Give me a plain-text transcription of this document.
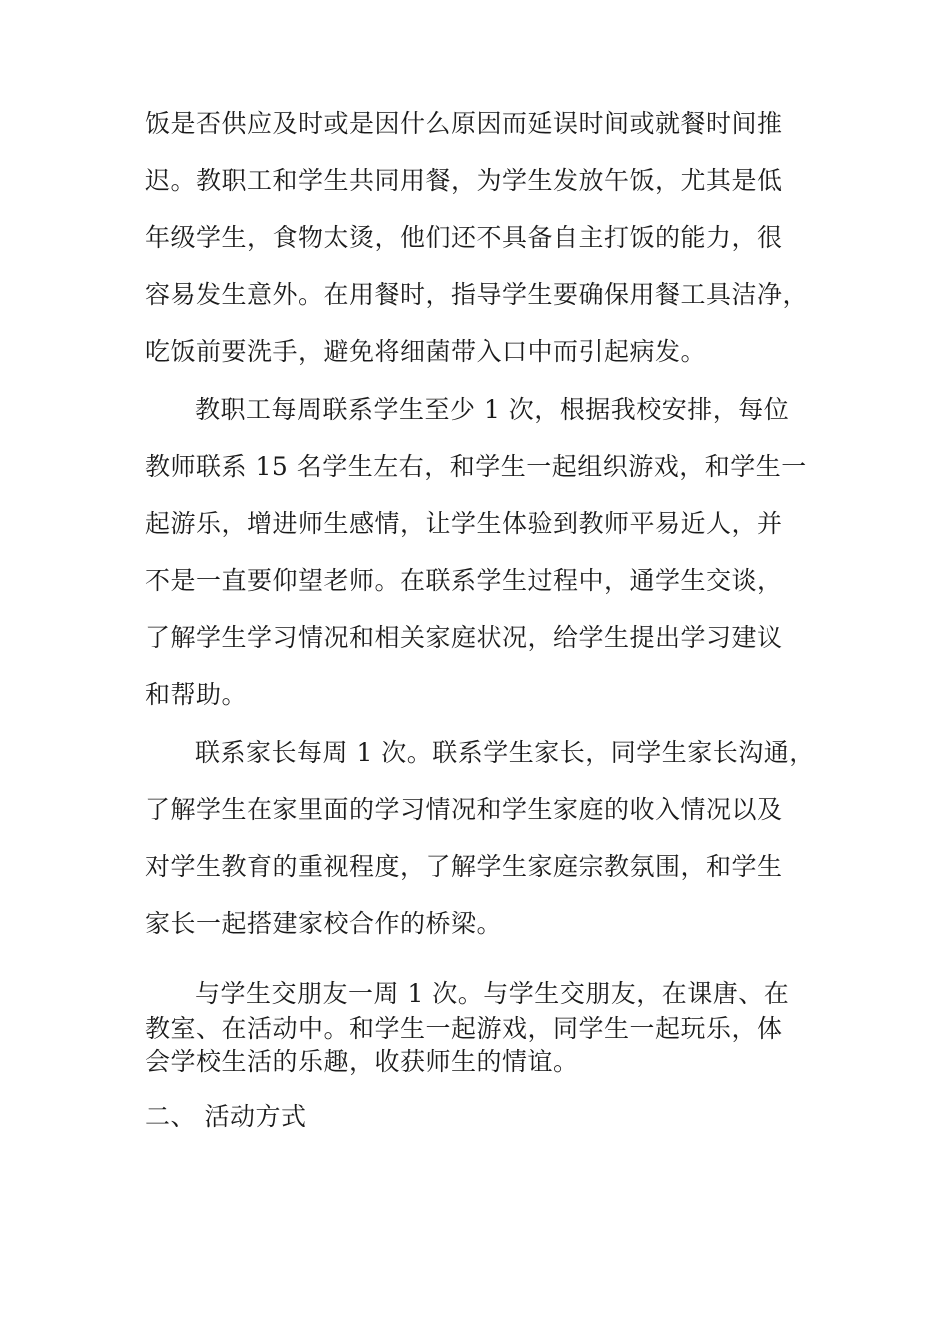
饭是否供应及时或是因什么原因而延误时间或就餐时间推
迟。教职工和学生共同用餐，为学生发放午饭，尤其是低
年级学生，食物太烫，他们还不具备自主打饭的能力，很
容易发生意外。在用餐时，指导学生要确保用餐工具洁净，
吃饭前要洗手，避免将细菌带入口中而引起病发。
教职工每周联系学生至少 1 次，根据我校安排，每位
教师联系 15 名学生左右，和学生一起组织游戏，和学生一
起游乐，增进师生感情，让学生体验到教师平易近人，并
不是一直要仰望老师。在联系学生过程中，通学生交谈，
了解学生学习情况和相关家庭状况，给学生提出学习建议
和帮助。
联系家长每周 1 次。联系学生家长，同学生家长沟通，
了解学生在家里面的学习情况和学生家庭的收入情况以及
对学生教育的重视程度，了解学生家庭宗教氛围，和学生
家长一起搭建家校合作的桥梁。
与学生交朋友一周 1 次。与学生交朋友，在课唐、在
教室、在活动中。和学生一起游戏，同学生一起玩乐，体
会学校生活的乐趣，收获师生的情谊。
二、 活动方式
